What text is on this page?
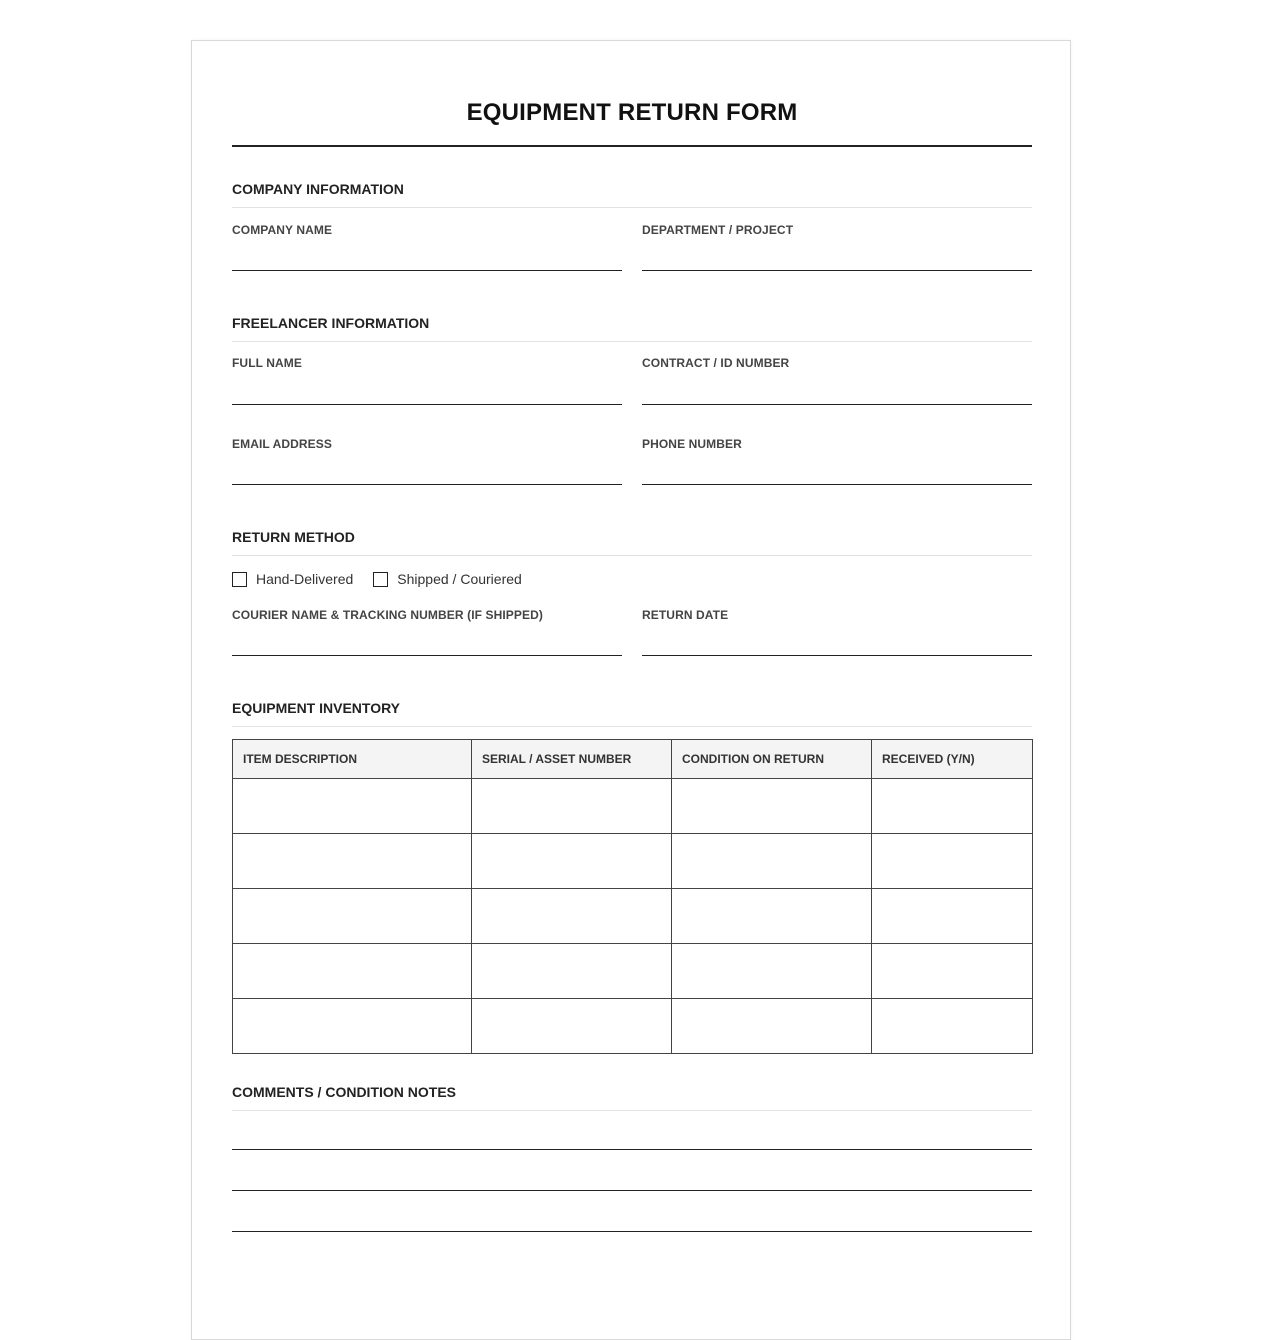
EQUIPMENT RETURN FORM
COMPANY INFORMATION
COMPANY NAME	DEPARTMENT / PROJECT
FREELANCER INFORMATION
FULL NAME	CONTRACT / ID NUMBER
EMAIL ADDRESS	PHONE NUMBER
RETURN METHOD
Hand-Delivered	Shipped / Couriered
COURIER NAME & TRACKING NUMBER (IF SHIPPED)	RETURN DATE
EQUIPMENT INVENTORY
ITEM DESCRIPTION	SERIAL / ASSET NUMBER	CONDITION ON RETURN	RECEIVED (Y/N)

COMMENTS / CONDITION NOTES
